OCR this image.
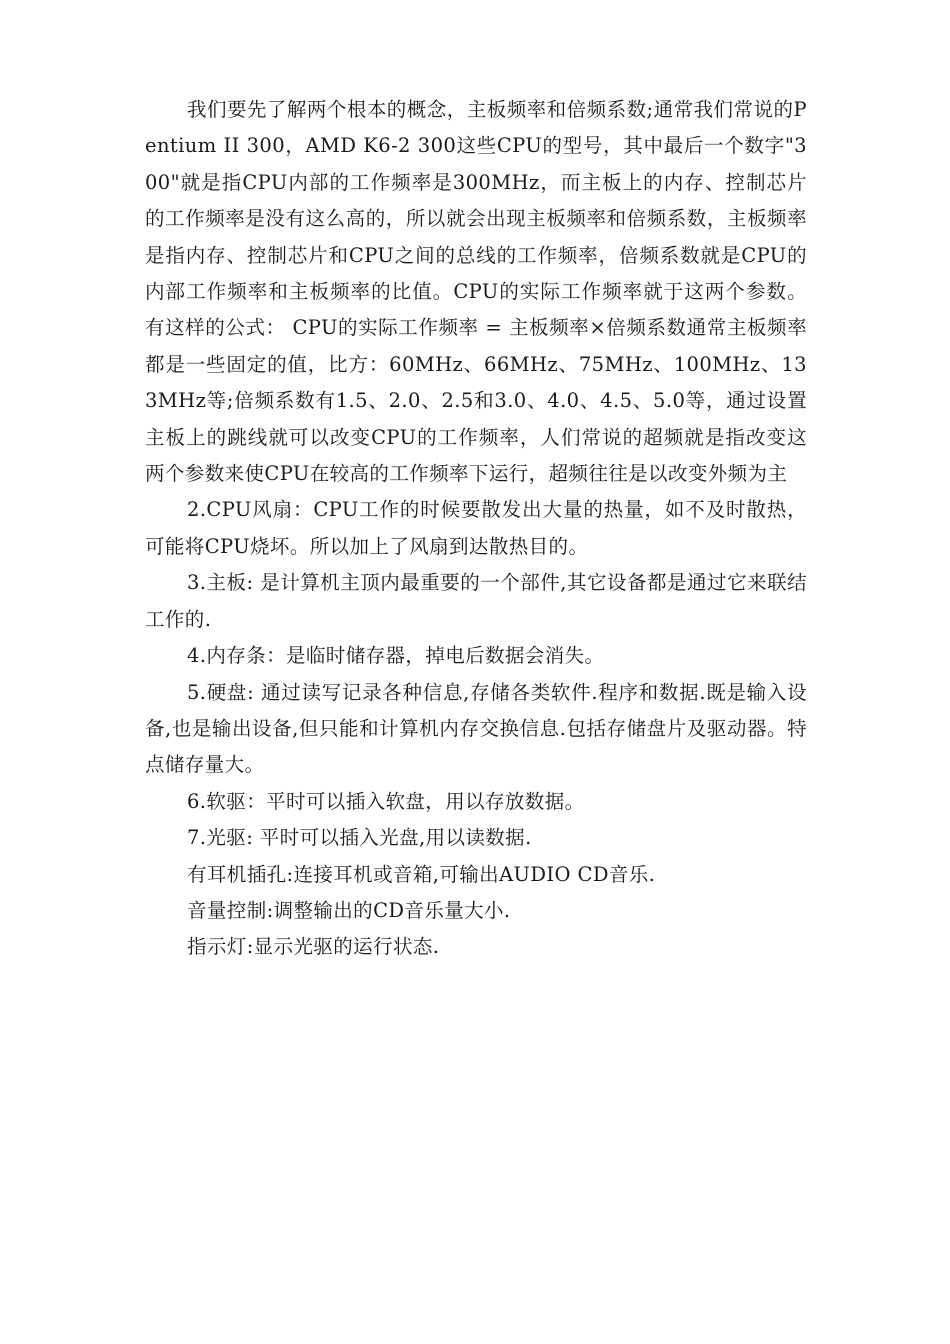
我们要先了解两个根本的概念，主板频率和倍频系数;通常我们常说的Pentium II 300，AMD K6-2 300这些CPU的型号，其中最后一个数字"300"就是指CPU内部的工作频率是300MHz，而主板上的内存、控制芯片的工作频率是没有这么高的，所以就会出现主板频率和倍频系数，主板频率是指内存、控制芯片和CPU之间的总线的工作频率，倍频系数就是CPU的内部工作频率和主板频率的比值。CPU的实际工作频率就于这两个参数。有这样的公式： CPU的实际工作频率 = 主板频率×倍频系数通常主板频率都是一些固定的值，比方：60MHz、66MHz、75MHz、100MHz、133MHz等;倍频系数有1.5、2.0、2.5和3.0、4.0、4.5、5.0等，通过设置主板上的跳线就可以改变CPU的工作频率，人们常说的超频就是指改变这两个参数来使CPU在较高的工作频率下运行，超频往往是以改变外频为主

2.CPU风扇：CPU工作的时候要散发出大量的热量，如不及时散热，可能将CPU烧坏。所以加上了风扇到达散热目的。

3.主板: 是计算机主顶内最重要的一个部件,其它设备都是通过它来联结工作的.

4.内存条：是临时储存器，掉电后数据会消失。

5.硬盘: 通过读写记录各种信息,存储各类软件.程序和数据.既是输入设备,也是输出设备,但只能和计算机内存交换信息.包括存储盘片及驱动器。特点储存量大。

6.软驱：平时可以插入软盘，用以存放数据。

7.光驱: 平时可以插入光盘,用以读数据.

有耳机插孔:连接耳机或音箱,可输出AUDIO CD音乐.

音量控制:调整输出的CD音乐量大小.

指示灯:显示光驱的运行状态.
